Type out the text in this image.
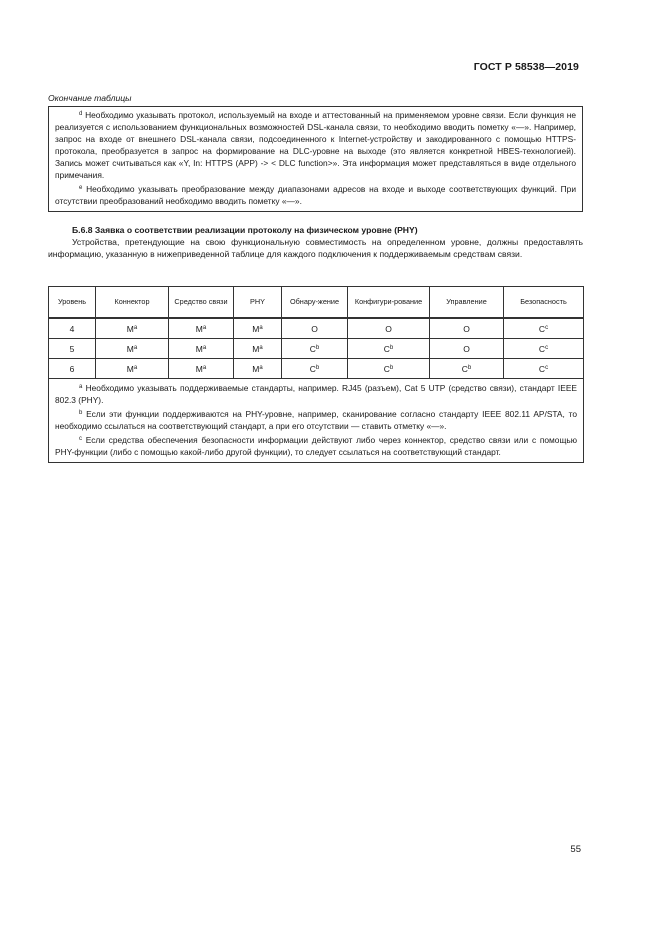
ГОСТ Р 58538—2019
Окончание таблицы

$^d$ Необходимо указывать протокол, используемый на входе и аттестованный на применяемом уровне связи. Если функция не реализуется с использованием функциональных возможностей DSL-канала связи, то необходимо вводить пометку «—». Например, запрос на входе от внешнего DSL-канала связи, подсоединенного к Internet-устройству и закодированного с помощью HTTPS-протокола, преобразуется в запрос на формирование на DLC-уровне на выходе (это является конкретной HBES-технологией). Запись может считываться как «Y, In: HTTPS (APP) -> < DLC function>». Эта информация может представляться в виде отдельного примечания.

$^e$ Необходимо указывать преобразование между диапазонами адресов на входе и выходе соответствующих функций. При отсутствии преобразований необходимо вводить пометку «—».

Б.6.8 Заявка о соответствии реализации протоколу на физическом уровне (PHY)
Устройства, претендующие на свою функциональную совместимость на определенном уровне, должны предоставлять информацию, указанную в нижеприведенной таблице для каждого подключения к поддерживаемым средствам связи.
Уровень	Коннектор	Средство связи	PHY	Обнару-жение	Конфигури-рование	Управление	Безопасность
4	$M^a$	$M^a$	$M^a$	O	O	O	$C^c$
5	$M^a$	$M^a$	$M^a$	$C^b$	$C^b$	O	$C^c$
6	$M^a$	$M^a$	$M^a$	$C^b$	$C^b$	$C^b$	$C^c$

$^a$ Необходимо указывать поддерживаемые стандарты, например. RJ45 (разъем), Cat 5 UTP (средство связи), стандарт IEEE 802.3 (PHY).

$^b$ Если эти функции поддерживаются на PHY-уровне, например, сканирование согласно стандарту IEEE 802.11 AP/STA, то необходимо ссылаться на соответствующий стандарт, а при его отсутствии — ставить отметку «—».

$^c$ Если средства обеспечения безопасности информации действуют либо через коннектор, средство связи или с помощью PHY-функции (либо с помощью какой-либо другой функции), то следует ссылаться на соответствующий стандарт.							

55
